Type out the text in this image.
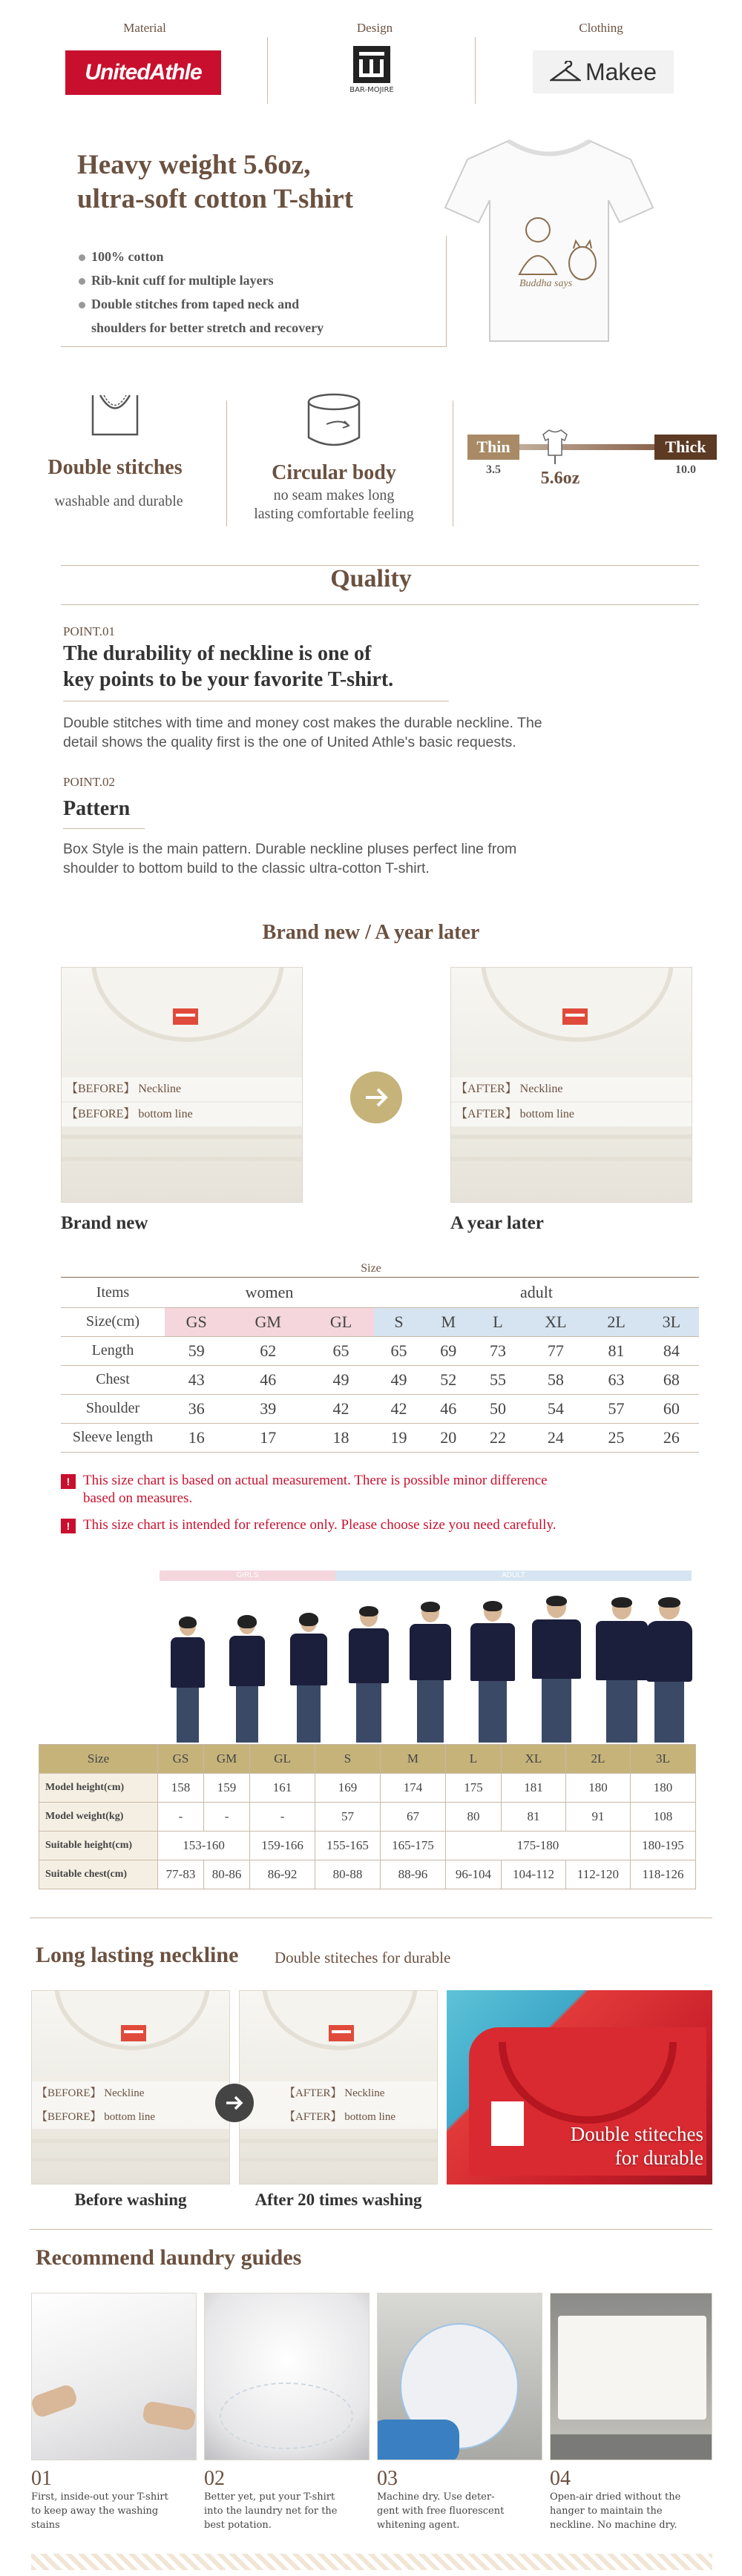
Material
UnitedAthle
Design
BAR-MOJIRE
Clothing
Makee
Heavy weight 5.6oz,
ultra-soft cotton T-shirt
100% cotton
Rib-knit cuff for multiple layers
Double stitches from taped neck and
shoulders for better stretch and recovery
Buddha says
Double stitches
washable and durable
Circular body
no seam makes long
lasting comfortable feeling
Thin	Thick
3.5	10.0
5.6oz
Quality
POINT.01
The durability of neckline is one of
key points to be your favorite T-shirt.
Double stitches with time and money cost makes the durable neckline. The
detail shows the quality first is the one of United Athle's basic requests.
POINT.02
Pattern
Box Style is the main pattern. Durable neckline pluses perfect line from
shoulder to bottom build to the classic ultra-cotton T-shirt.
Brand new / A year later
【BEFORE】 Neckline
【BEFORE】 bottom line
Brand new
【AFTER】 Neckline
【AFTER】 bottom line
A year later
Size
Items	women			adult					
Size(cm)	GS	GM	GL	S	M	L	XL	2L	3L
Length	59	62	65	65	69	73	77	81	84
Chest	43	46	49	49	52	55	58	63	68
Shoulder	36	39	42	42	46	50	54	57	60
Sleeve length	16	17	18	19	20	22	24	25	26
! This size chart is based on actual measurement. There is possible minor difference
based on measures.
! This size chart is intended for reference only. Please choose size you need carefully.
GIRLS	ADULT
Size	GS	GM	GL	S	M	L	XL	2L	3L
Model height(cm)	158	159	161	169	174	175	181	180	180
Model weight(kg)	-	-	-	57	67	80	81	91	108
Suitable height(cm)	153-160		159-166	155-165	165-175	175-180			180-195
Suitable chest(cm)	77-83	80-86	86-92	80-88	88-96	96-104	104-112	112-120	118-126
Long lasting neckline Double stiteches for durable
【BEFORE】 Neckline
【BEFORE】 bottom line
Before washing
【AFTER】 Neckline
【AFTER】 bottom line
After 20 times washing
Double stiteches
for durable
Recommend laundry guides
01
First, inside-out your T-shirt
to keep away the washing
stains
02
Better yet, put your T-shirt
into the laundry net for the
best potation.
03
Machine dry. Use deter-
gent with free fluorescent
whitening agent.
04
Open-air dried without the
hanger to maintain the
neckline. No machine dry.
